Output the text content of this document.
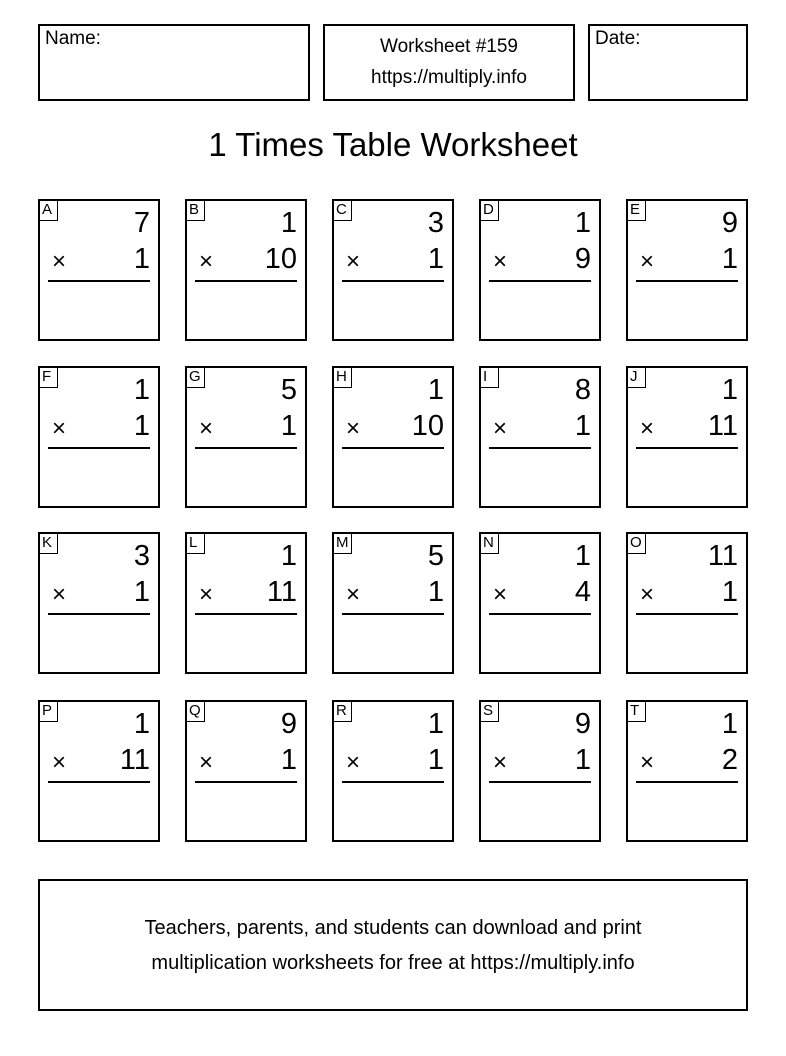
Name:	Worksheet #159
https://multiply.info
Date:
1 Times Table Worksheet
A	7
× 1
B	1
× 10
C	3
× 1
D	1
× 9
E	9
× 1
F	1
× 1
G	5
× 1
H	1
× 10
I	8
× 1
J	1
× 11
K	3
× 1
L	1
× 11
M	5
× 1
N	1
× 4
O 11
× 1
P	1
× 11
Q	9
× 1
R	1
× 1
S	9
× 1
T	1
× 2
Teachers, parents, and students can download and print
multiplication worksheets for free at https://multiply.info
